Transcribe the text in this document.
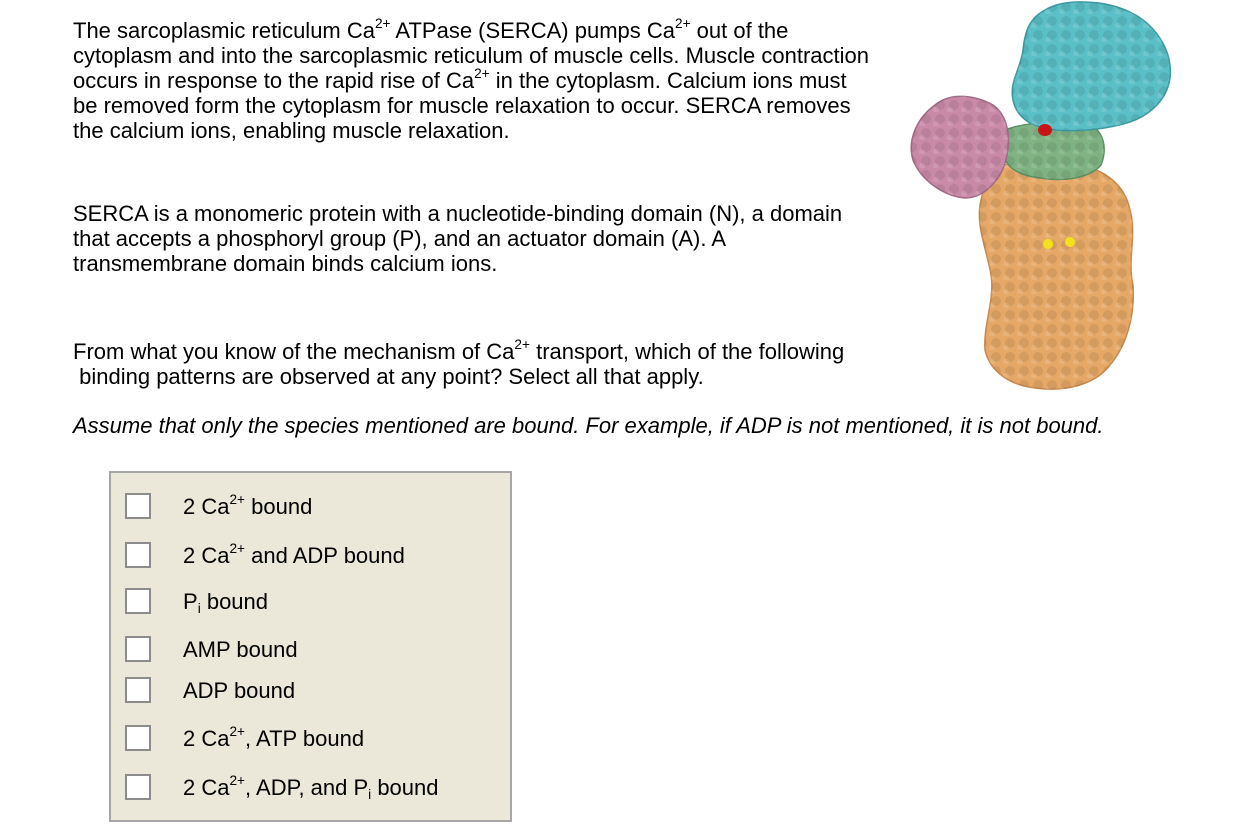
The sarcoplasmic reticulum $Ca^{2+}$ ATPase (SERCA) pumps $Ca^{2+}$ out of the cytoplasm and into the sarcoplasmic reticulum of muscle cells. Muscle contraction occurs in response to the rapid rise of $Ca^{2+}$ in the cytoplasm. Calcium ions must be removed form the cytoplasm for muscle relaxation to occur. SERCA removes the calcium ions, enabling muscle relaxation.

SERCA is a monomeric protein with a nucleotide-binding domain (N), a domain that accepts a phosphoryl group (P), and an actuator domain (A). A transmembrane domain binds calcium ions.

From what you know of the mechanism of $Ca^{2+}$ transport, which of the following
binding patterns are observed at any point? Select all that apply.

Assume that only the species mentioned are bound. For example, if ADP is not mentioned, it is not bound.

2 $Ca^{2+}$ bound
2 $Ca^{2+}$ and ADP bound
$P_i$ bound
AMP bound
ADP bound
2 $Ca^{2+}$, ATP bound
2 $Ca^{2+}$, ADP, and $P_i$ bound
